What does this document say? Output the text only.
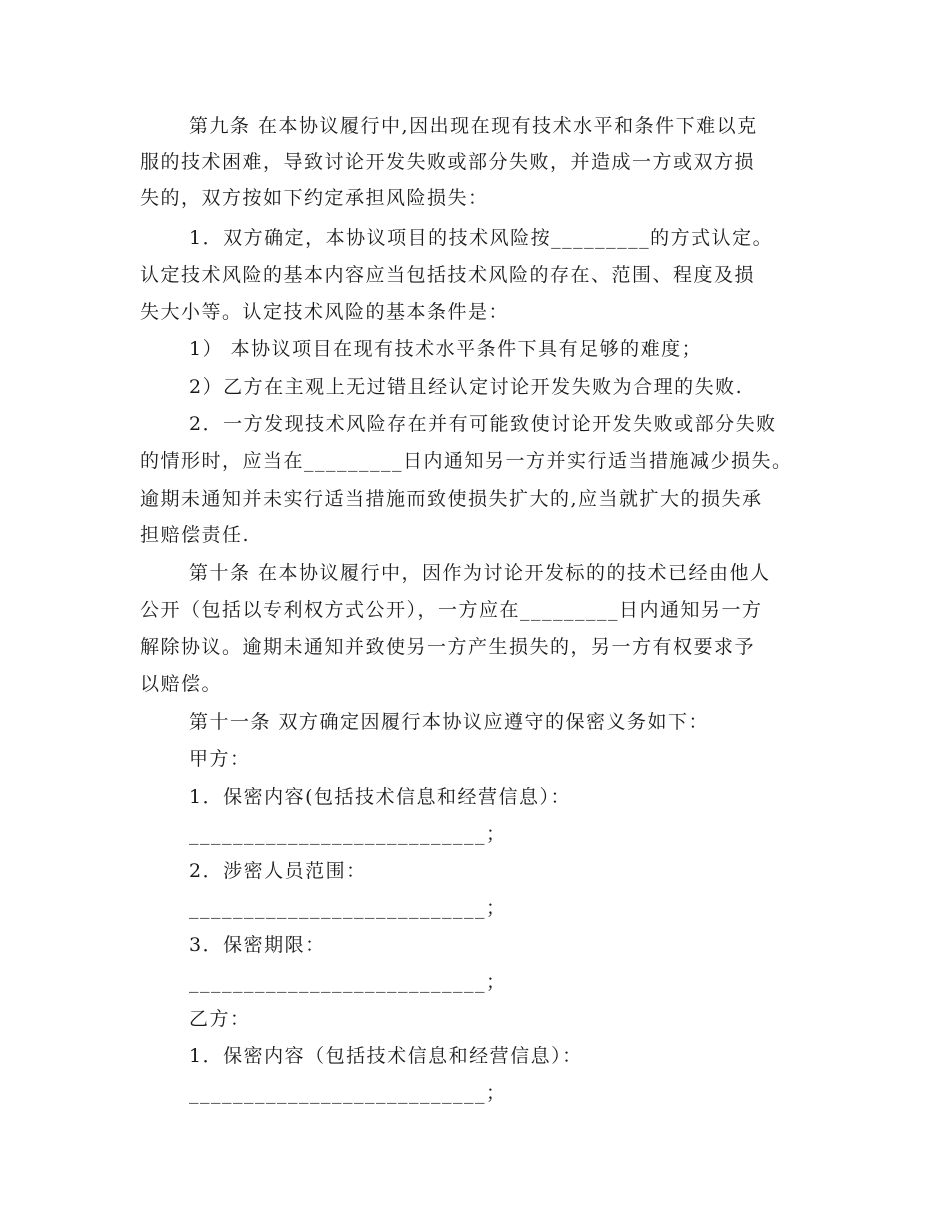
第九条 在本协议履行中,因出现在现有技术水平和条件下难以克
服的技术困难，导致讨论开发失败或部分失败，并造成一方或双方损
失的，双方按如下约定承担风险损失：
1．双方确定，本协议项目的技术风险按_________的方式认定。
认定技术风险的基本内容应当包括技术风险的存在、范围、程度及损
失大小等。认定技术风险的基本条件是：
1） 本协议项目在现有技术水平条件下具有足够的难度；
2）乙方在主观上无过错且经认定讨论开发失败为合理的失败.
2．一方发现技术风险存在并有可能致使讨论开发失败或部分失败
的情形时，应当在_________日内通知另一方并实行适当措施减少损失。
逾期未通知并未实行适当措施而致使损失扩大的,应当就扩大的损失承
担赔偿责任.
第十条 在本协议履行中，因作为讨论开发标的的技术已经由他人
公开（包括以专利权方式公开），一方应在_________日内通知另一方
解除协议。逾期未通知并致使另一方产生损失的，另一方有权要求予
以赔偿。
第十一条 双方确定因履行本协议应遵守的保密义务如下：
甲方：
1．保密内容(包括技术信息和经营信息）：
___________________________；
2．涉密人员范围：
___________________________；
3．保密期限：
___________________________；
乙方：
1．保密内容（包括技术信息和经营信息）：
___________________________；
